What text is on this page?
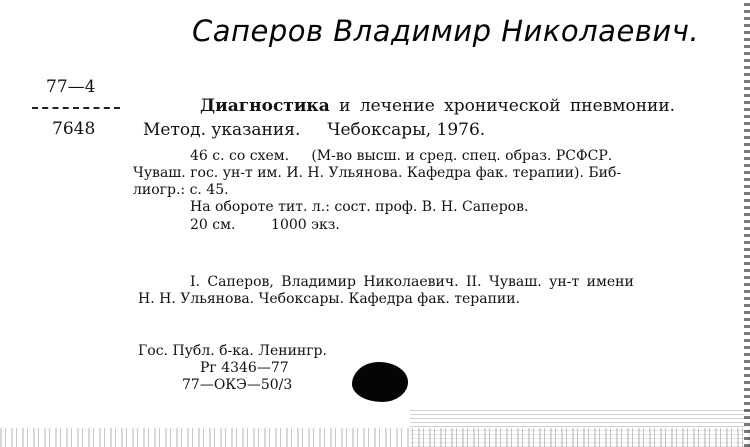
Саперов Владимир Николаевич.
77—4
7648
Диагностика и лечение хронической пневмонии.
Метод. указания.     Чебоксары, 1976.
46 с. со схем.     (М-во высш. и сред. спец. образ. РСФСР.
Чуваш. гос. ун-т им. И. Н. Ульянова. Кафедра фак. терапии). Биб-
лиогр.: с. 45.
На обороте тит. л.: сост. проф. В. Н. Саперов.
20 см.        1000 экз.
I. Саперов, Владимир Николаевич. II. Чуваш. ун-т имени
Н. Н. Ульянова. Чебоксары. Кафедра фак. терапии.
Гос. Публ. б-ка. Ленингр.
Рг 4346—77
77—ОКЭ—50/3
